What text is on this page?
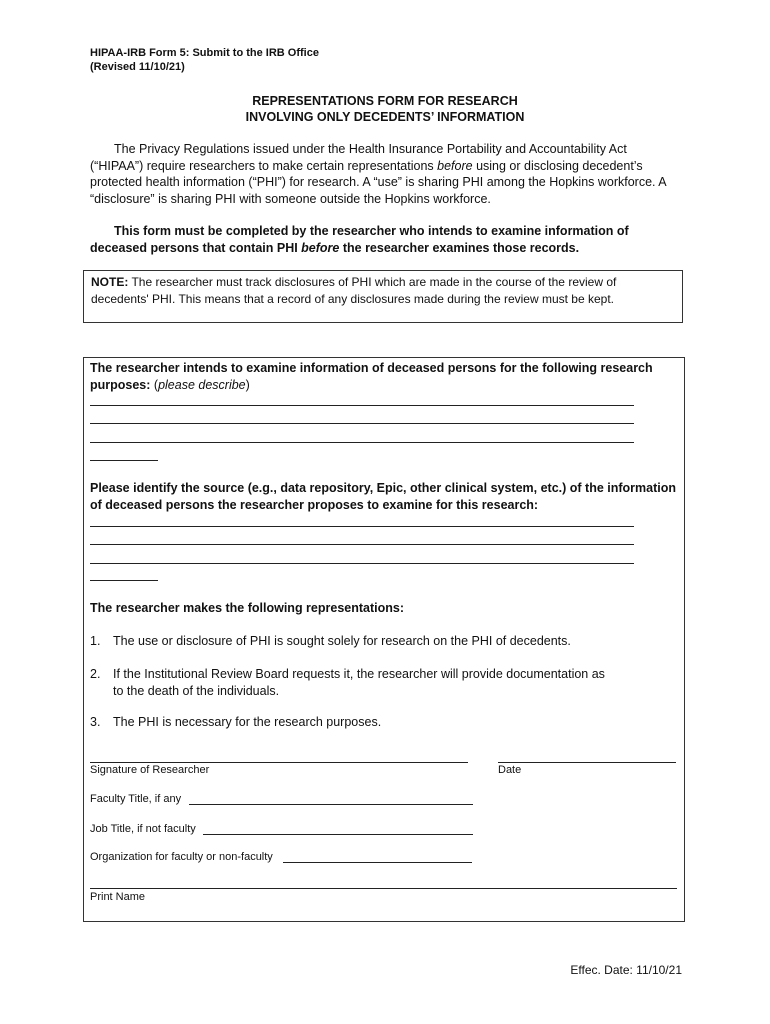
HIPAA-IRB Form 5: Submit to the IRB Office
(Revised 11/10/21)
REPRESENTATIONS FORM FOR RESEARCH
INVOLVING ONLY DECEDENTS’ INFORMATION
The Privacy Regulations issued under the Health Insurance Portability and Accountability Act (“HIPAA”) require researchers to make certain representations before using or disclosing decedent’s protected health information (“PHI”) for research. A “use” is sharing PHI among the Hopkins workforce. A “disclosure” is sharing PHI with someone outside the Hopkins workforce.
This form must be completed by the researcher who intends to examine information of deceased persons that contain PHI before the researcher examines those records.
NOTE: The researcher must track disclosures of PHI which are made in the course of the review of decedents' PHI. This means that a record of any disclosures made during the review must be kept.
The researcher intends to examine information of deceased persons for the following research purposes: (please describe)
Please identify the source (e.g., data repository, Epic, other clinical system, etc.) of the information of deceased persons the researcher proposes to examine for this research:
The researcher makes the following representations:
1. The use or disclosure of PHI is sought solely for research on the PHI of decedents.
2. If the Institutional Review Board requests it, the researcher will provide documentation as
to the death of the individuals.
3. The PHI is necessary for the research purposes.
Signature of Researcher	Date
Faculty Title, if any
Job Title, if not faculty
Organization for faculty or non-faculty
Print Name
Effec. Date: 11/10/21
